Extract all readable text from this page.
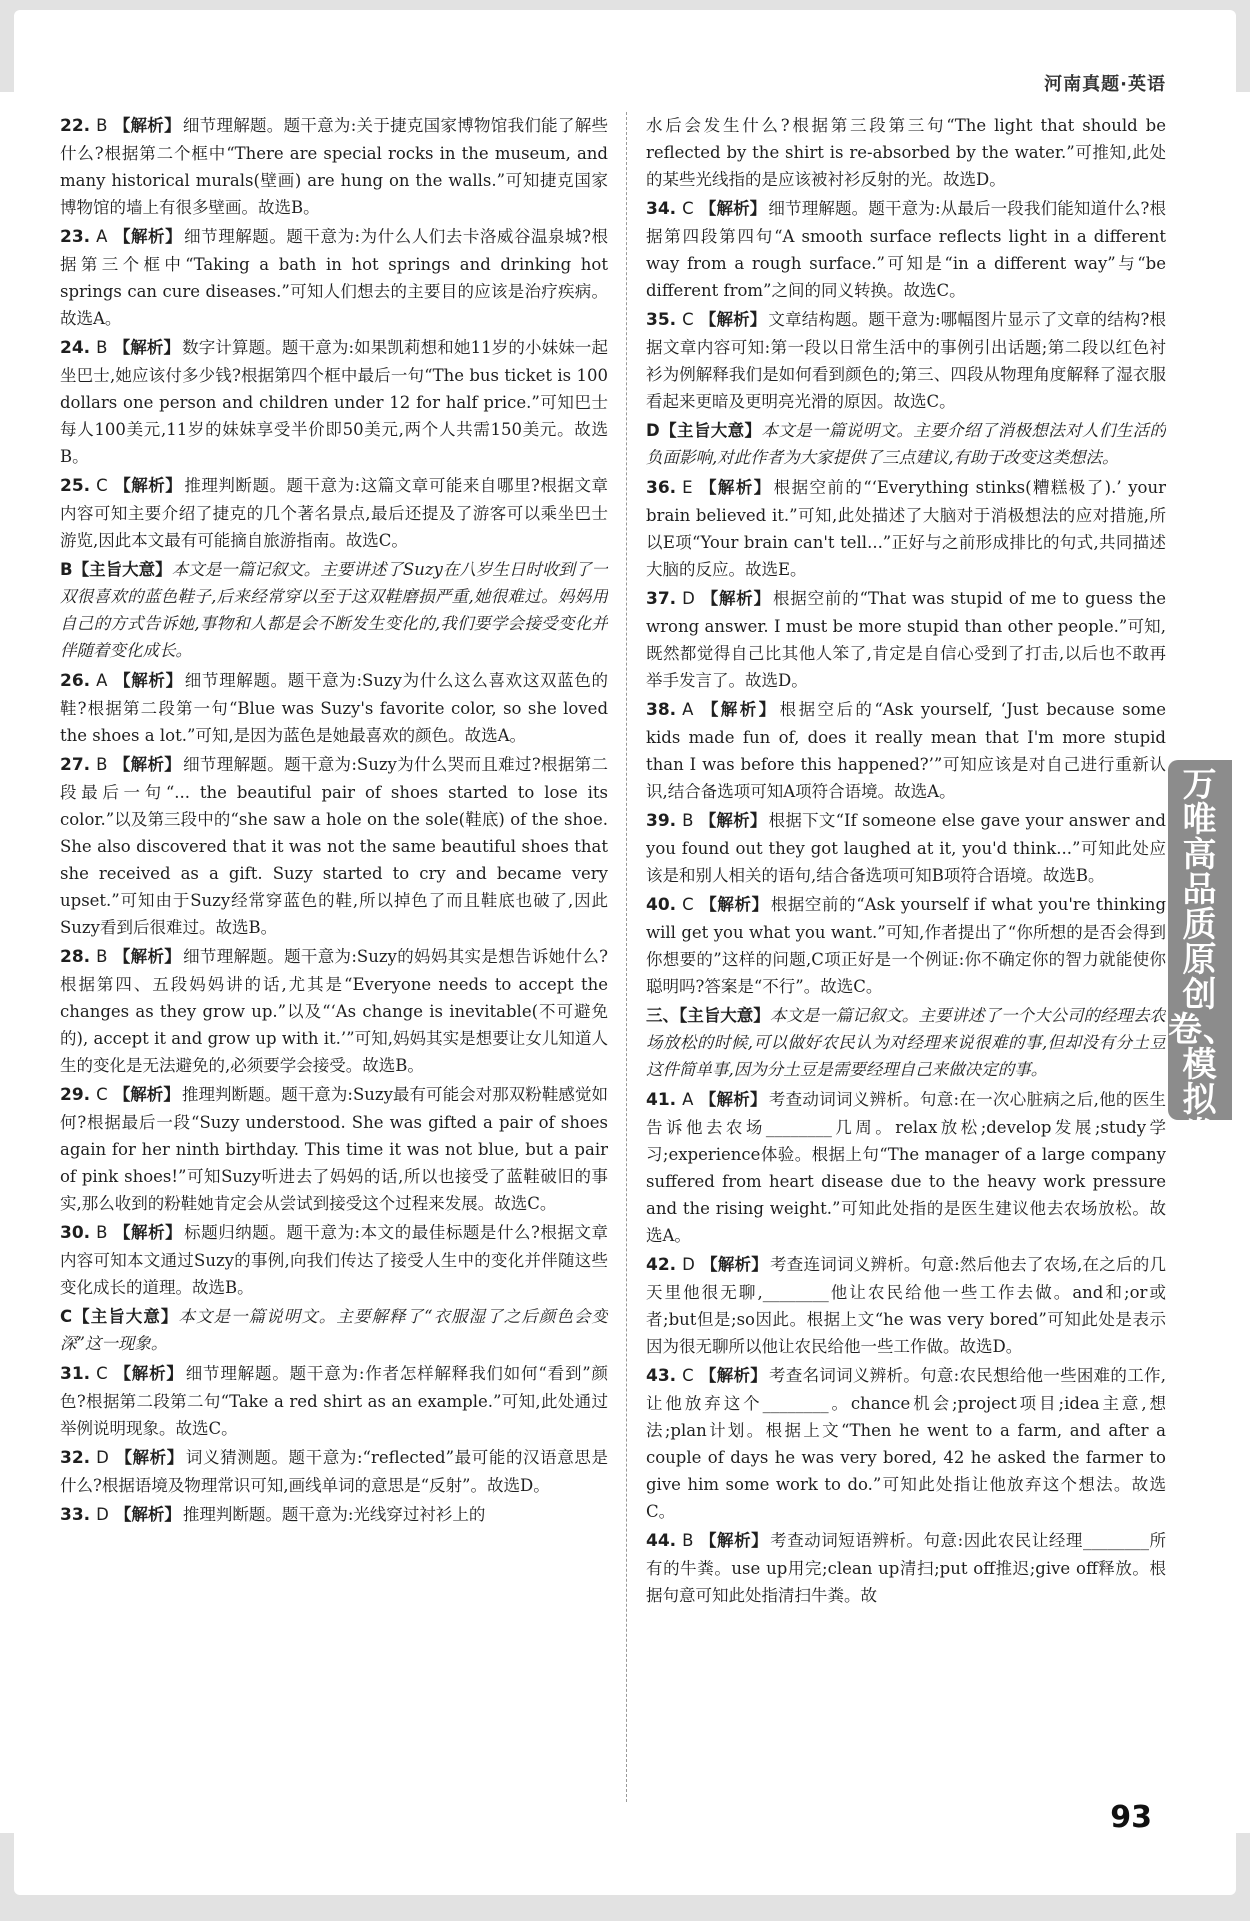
河南真题·英语

22. B 【解析】 细节理解题。题干意为:关于捷克国家博物馆我们能了解些什么?根据第二个框中“There are special rocks in the museum, and many historical murals(壁画) are hung on the walls.”可知捷克国家博物馆的墙上有很多壁画。故选B。

23. A 【解析】 细节理解题。题干意为:为什么人们去卡洛威谷温泉城?根据第三个框中“Taking a bath in hot springs and drinking hot springs can cure diseases.”可知人们想去的主要目的应该是治疗疾病。故选A。

24. B 【解析】 数字计算题。题干意为:如果凯莉想和她11岁的小妹妹一起坐巴士,她应该付多少钱?根据第四个框中最后一句“The bus ticket is 100 dollars one person and children under 12 for half price.”可知巴士每人100美元,11岁的妹妹享受半价即50美元,两个人共需150美元。故选B。

25. C 【解析】 推理判断题。题干意为:这篇文章可能来自哪里?根据文章内容可知主要介绍了捷克的几个著名景点,最后还提及了游客可以乘坐巴士游览,因此本文最有可能摘自旅游指南。故选C。

B【主旨大意】本文是一篇记叙文。主要讲述了Suzy在八岁生日时收到了一双很喜欢的蓝色鞋子,后来经常穿以至于这双鞋磨损严重,她很难过。妈妈用自己的方式告诉她,事物和人都是会不断发生变化的,我们要学会接受变化并伴随着变化成长。

26. A 【解析】 细节理解题。题干意为:Suzy为什么这么喜欢这双蓝色的鞋?根据第二段第一句“Blue was Suzy's favorite color, so she loved the shoes a lot.”可知,是因为蓝色是她最喜欢的颜色。故选A。

27. B 【解析】 细节理解题。题干意为:Suzy为什么哭而且难过?根据第二段最后一句“... the beautiful pair of shoes started to lose its color.”以及第三段中的“she saw a hole on the sole(鞋底) of the shoe. She also discovered that it was not the same beautiful shoes that she received as a gift. Suzy started to cry and became very upset.”可知由于Suzy经常穿蓝色的鞋,所以掉色了而且鞋底也破了,因此Suzy看到后很难过。故选B。

28. B 【解析】 细节理解题。题干意为:Suzy的妈妈其实是想告诉她什么?根据第四、五段妈妈讲的话,尤其是“Everyone needs to accept the changes as they grow up.”以及“‘As change is inevitable(不可避免的), accept it and grow up with it.’”可知,妈妈其实是想要让女儿知道人生的变化是无法避免的,必须要学会接受。故选B。

29. C 【解析】 推理判断题。题干意为:Suzy最有可能会对那双粉鞋感觉如何?根据最后一段“Suzy understood. She was gifted a pair of shoes again for her ninth birthday. This time it was not blue, but a pair of pink shoes!”可知Suzy听进去了妈妈的话,所以也接受了蓝鞋破旧的事实,那么收到的粉鞋她肯定会从尝试到接受这个过程来发展。故选C。

30. B 【解析】 标题归纳题。题干意为:本文的最佳标题是什么?根据文章内容可知本文通过Suzy的事例,向我们传达了接受人生中的变化并伴随这些变化成长的道理。故选B。

C【主旨大意】本文是一篇说明文。主要解释了“衣服湿了之后颜色会变深”这一现象。

31. C 【解析】 细节理解题。题干意为:作者怎样解释我们如何“看到”颜色?根据第二段第二句“Take a red shirt as an example.”可知,此处通过举例说明现象。故选C。

32. D 【解析】 词义猜测题。题干意为:“reflected”最可能的汉语意思是什么?根据语境及物理常识可知,画线单词的意思是“反射”。故选D。

33. D 【解析】 推理判断题。题干意为:光线穿过衬衫上的

水后会发生什么?根据第三段第三句“The light that should be reflected by the shirt is re-absorbed by the water.”可推知,此处的某些光线指的是应该被衬衫反射的光。故选D。

34. C 【解析】 细节理解题。题干意为:从最后一段我们能知道什么?根据第四段第四句“A smooth surface reflects light in a different way from a rough surface.”可知是“in a different way”与“be different from”之间的同义转换。故选C。

35. C 【解析】 文章结构题。题干意为:哪幅图片显示了文章的结构?根据文章内容可知:第一段以日常生活中的事例引出话题;第二段以红色衬衫为例解释我们是如何看到颜色的;第三、四段从物理角度解释了湿衣服看起来更暗及更明亮光滑的原因。故选C。

D【主旨大意】本文是一篇说明文。主要介绍了消极想法对人们生活的负面影响,对此作者为大家提供了三点建议,有助于改变这类想法。

36. E 【解析】 根据空前的“‘Everything stinks(糟糕极了).’ your brain believed it.”可知,此处描述了大脑对于消极想法的应对措施,所以E项“Your brain can't tell...”正好与之前形成排比的句式,共同描述大脑的反应。故选E。

37. D 【解析】 根据空前的“That was stupid of me to guess the wrong answer. I must be more stupid than other people.”可知,既然都觉得自己比其他人笨了,肯定是自信心受到了打击,以后也不敢再举手发言了。故选D。

38. A 【解析】 根据空后的“Ask yourself, ‘Just because some kids made fun of, does it really mean that I'm more stupid than I was before this happened?’”可知应该是对自己进行重新认识,结合备选项可知A项符合语境。故选A。

39. B 【解析】 根据下文“If someone else gave your answer and you found out they got laughed at it, you'd think...”可知此处应该是和别人相关的语句,结合备选项可知B项符合语境。故选B。

40. C 【解析】 根据空前的“Ask yourself if what you're thinking will get you what you want.”可知,作者提出了“你所想的是否会得到你想要的”这样的问题,C项正好是一个例证:你不确定你的智力就能使你聪明吗?答案是“不行”。故选C。

三、【主旨大意】本文是一篇记叙文。主要讲述了一个大公司的经理去农场放松的时候,可以做好农民认为对经理来说很难的事,但却没有分土豆这件简单事,因为分土豆是需要经理自己来做决定的事。

41. A 【解析】 考查动词词义辨析。句意:在一次心脏病之后,他的医生告诉他去农场________几周。relax放松;develop发展;study学习;experience体验。根据上句“The manager of a large company suffered from heart disease due to the heavy work pressure and the rising weight.”可知此处指的是医生建议他去农场放松。故选A。

42. D 【解析】 考查连词词义辨析。句意:然后他去了农场,在之后的几天里他很无聊,________他让农民给他一些工作去做。and和;or或者;but但是;so因此。根据上文“he was very bored”可知此处是表示因为很无聊所以他让农民给他一些工作做。故选D。

43. C 【解析】 考查名词词义辨析。句意:农民想给他一些困难的工作,让他放弃这个________。chance机会;project项目;idea主意,想法;plan计划。根据上文“Then he went to a farm, and after a couple of days he was very bored, 42 he asked the farmer to give him some work to do.”可知此处指让他放弃这个想法。故选C。

44. B 【解析】 考查动词短语辨析。句意:因此农民让经理________所有的牛粪。use up用完;clean up清扫;put off推迟;give off释放。根据句意可知此处指清扫牛粪。故

万唯高品质原创卷、模拟卷
93
